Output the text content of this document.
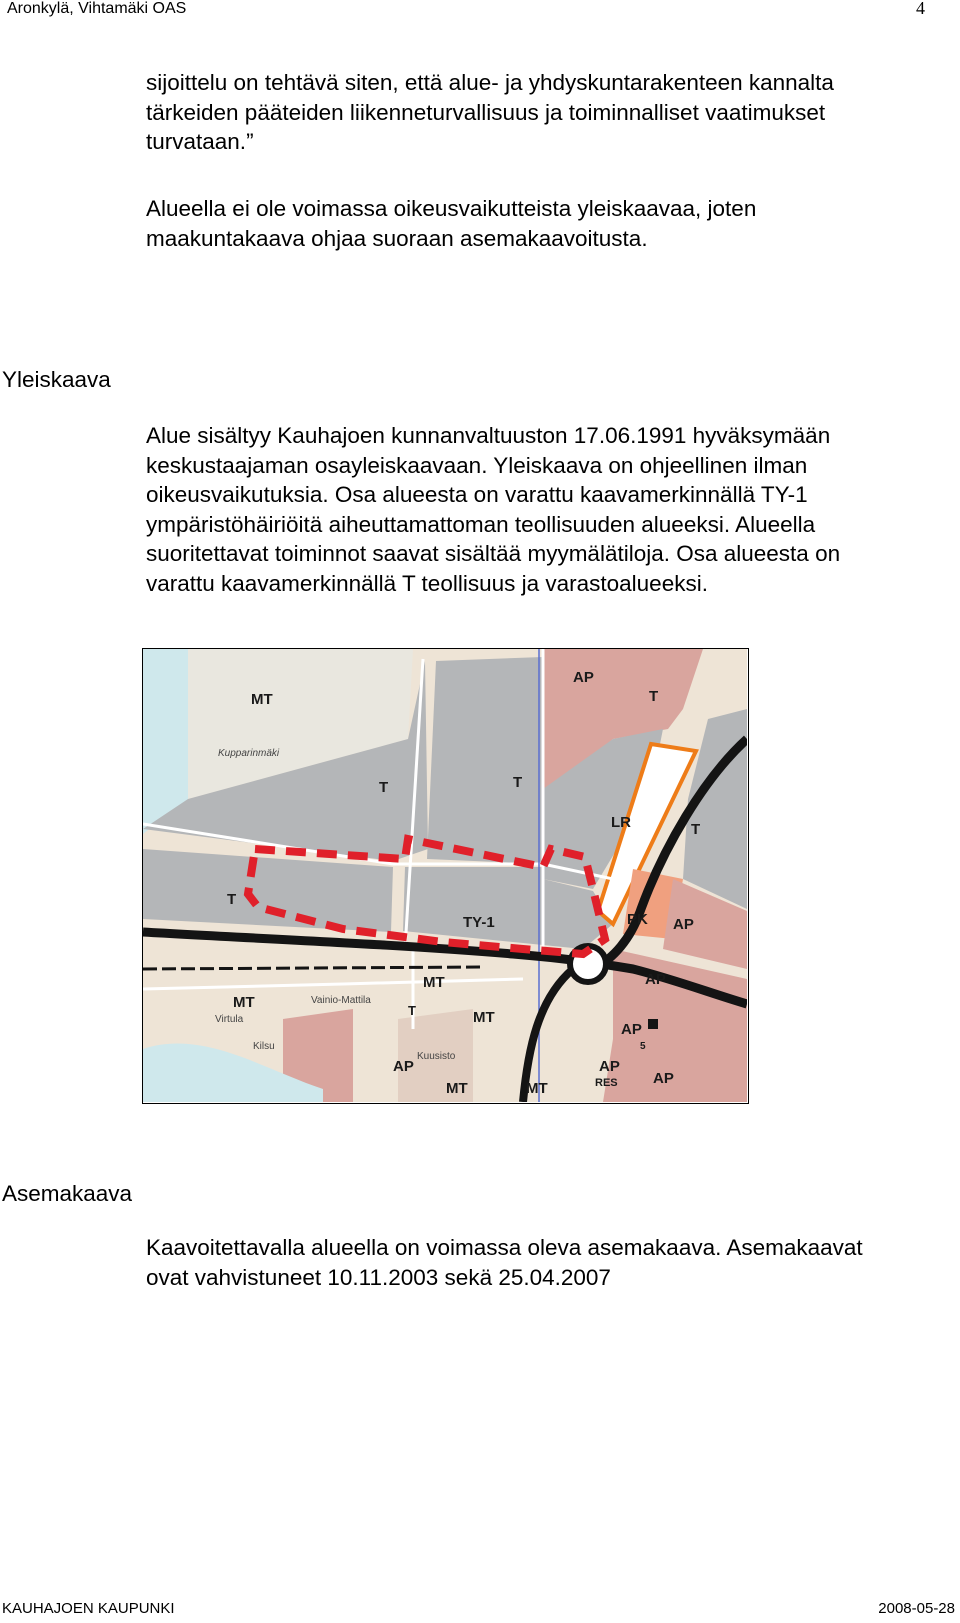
Aronkylä, Vihtamäki OAS	4
sijoittelu on tehtävä siten, että alue- ja yhdyskuntarakenteen kannalta
tärkeiden pääteiden liikenneturvallisuus ja toiminnalliset vaatimukset
turvataan.”
Alueella ei ole voimassa oikeusvaikutteista yleiskaavaa, joten
maakuntakaava ohjaa suoraan asemakaavoitusta.
Yleiskaava
Alue sisältyy Kauhajoen kunnanvaltuuston 17.06.1991 hyväksymään
keskustaajaman osayleiskaavaan. Yleiskaava on ohjeellinen ilman
oikeusvaikutuksia. Osa alueesta on varattu kaavamerkinnällä TY-1
ympäristöhäiriöitä aiheuttamattoman teollisuuden alueeksi. Alueella
suoritettavat toiminnot saavat sisältää myymälätiloja. Osa alueesta on
varattu kaavamerkinnällä T teollisuus ja varastoalueeksi.
MT
T	T
T
T
T
AP
LR
TY-1	PK AP
AP
AP
5
AP
RES AP
AP
MT
MT
MT
MT	MT
T
Kupparinmäki
Virtula
Vainio-Mattila
Kilsu
Kuusisto
Asemakaava
Kaavoitettavalla alueella on voimassa oleva asemakaava. Asemakaavat
ovat vahvistuneet 10.11.2003 sekä 25.04.2007
KAUHAJOEN KAUPUNKI	2008-05-28
